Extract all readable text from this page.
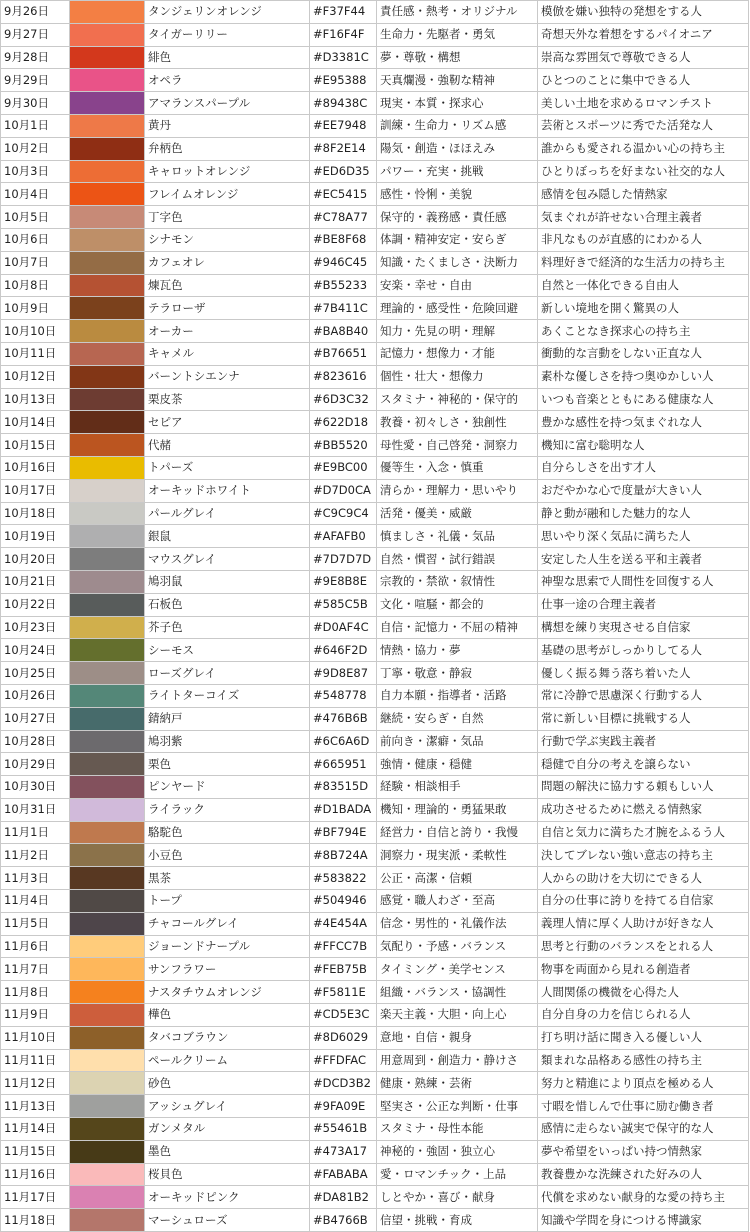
9月26日		タンジェリンオレンジ	#F37F44	責任感・熱考・オリジナル	模倣を嫌い独特の発想をする人
9月27日		タイガーリリー	#F16F4F	生命力・先駆者・勇気	奇想天外な着想をするパイオニア
9月28日		緋色	#D3381C	夢・尊敬・構想	崇高な雰囲気で尊敬できる人
9月29日		オペラ	#E95388	天真爛漫・強靭な精神	ひとつのことに集中できる人
9月30日		アマランスパープル	#89438C	現実・本質・探求心	美しい土地を求めるロマンチスト
10月1日		黄丹	#EE7948	訓練・生命力・リズム感	芸術とスポーツに秀でた活発な人
10月2日		弁柄色	#8F2E14	陽気・創造・ほほえみ	誰からも愛される温かい心の持ち主
10月3日		キャロットオレンジ	#ED6D35	パワー・充実・挑戦	ひとりぼっちを好まない社交的な人
10月4日		フレイムオレンジ	#EC5415	感性・怜悧・美貌	感情を包み隠した情熱家
10月5日		丁字色	#C78A77	保守的・義務感・責任感	気まぐれが許せない合理主義者
10月6日		シナモン	#BE8F68	体調・精神安定・安らぎ	非凡なものが直感的にわかる人
10月7日		カフェオレ	#946C45	知識・たくましさ・決断力	料理好きで経済的な生活力の持ち主
10月8日		煉瓦色	#B55233	安楽・幸せ・自由	自然と一体化できる自由人
10月9日		テラローザ	#7B411C	理論的・感受性・危険回避	新しい境地を開く驚異の人
10月10日		オーカー	#BA8B40	知力・先見の明・理解	あくことなき探求心の持ち主
10月11日		キャメル	#B76651	記憶力・想像力・才能	衝動的な言動をしない正直な人
10月12日		バーントシエンナ	#823616	個性・壮大・想像力	素朴な優しさを持つ奥ゆかしい人
10月13日		栗皮茶	#6D3C32	スタミナ・神秘的・保守的	いつも音楽とともにある健康な人
10月14日		セピア	#622D18	教養・初々しさ・独創性	豊かな感性を持つ気まぐれな人
10月15日		代赭	#BB5520	母性愛・自己啓発・洞察力	機知に富む聡明な人
10月16日		トパーズ	#E9BC00	優等生・入念・慎重	自分らしさを出す才人
10月17日		オーキッドホワイト	#D7D0CA	清らか・理解力・思いやり	おだやかな心で度量が大きい人
10月18日		パールグレイ	#C9C9C4	活発・優美・威厳	静と動が融和した魅力的な人
10月19日		銀鼠	#AFAFB0	慎ましさ・礼儀・気品	思いやり深く気品に満ちた人
10月20日		マウスグレイ	#7D7D7D	自然・慣習・試行錯誤	安定した人生を送る平和主義者
10月21日		鳩羽鼠	#9E8B8E	宗教的・禁欲・叙情性	神聖な思索で人間性を回復する人
10月22日		石板色	#585C5B	文化・喧騒・都会的	仕事一途の合理主義者
10月23日		芥子色	#D0AF4C	自信・記憶力・不屈の精神	構想を練り実現させる自信家
10月24日		シーモス	#646F2D	情熱・協力・夢	基礎の思考がしっかりしてる人
10月25日		ローズグレイ	#9D8E87	丁寧・敬意・静寂	優しく振る舞う落ち着いた人
10月26日		ライトターコイズ	#548778	自力本願・指導者・活路	常に冷静で思慮深く行動する人
10月27日		錆納戸	#476B6B	継続・安らぎ・自然	常に新しい目標に挑戦する人
10月28日		鳩羽紫	#6C6A6D	前向き・潔癖・気品	行動で学ぶ実践主義者
10月29日		栗色	#665951	強情・健康・穏健	穏健で自分の考えを譲らない
10月30日		ピンヤード	#83515D	経験・相談相手	問題の解決に協力する頼もしい人
10月31日		ライラック	#D1BADA	機知・理論的・勇猛果敢	成功させるために燃える情熱家
11月1日		駱駝色	#BF794E	経営力・自信と誇り・我慢	自信と気力に満ちた才腕をふるう人
11月2日		小豆色	#8B724A	洞察力・現実派・柔軟性	決してブレない強い意志の持ち主
11月3日		黒茶	#583822	公正・高潔・信頼	人からの助けを大切にできる人
11月4日		トープ	#504946	感覚・職人わざ・至高	自分の仕事に誇りを持てる自信家
11月5日		チャコールグレイ	#4E454A	信念・男性的・礼儀作法	義理人情に厚く人助けが好きな人
11月6日		ジョーンドナープル	#FFCC7B	気配り・予感・バランス	思考と行動のバランスをとれる人
11月7日		サンフラワー	#FEB75B	タイミング・美学センス	物事を両面から見れる創造者
11月8日		ナスタチウムオレンジ	#F5811E	組織・バランス・協調性	人間関係の機微を心得た人
11月9日		樺色	#CD5E3C	楽天主義・大胆・向上心	自分自身の力を信じられる人
11月10日		タバコブラウン	#8D6029	意地・自信・親身	打ち明け話に聞き入る優しい人
11月11日		ペールクリーム	#FFDFAC	用意周到・創造力・静けさ	類まれな品格ある感性の持ち主
11月12日		砂色	#DCD3B2	健康・熟練・芸術	努力と精進により頂点を極める人
11月13日		アッシュグレイ	#9FA09E	堅実さ・公正な判断・仕事	寸暇を惜しんで仕事に励む働き者
11月14日		ガンメタル	#55461B	スタミナ・母性本能	感情に走らない誠実で保守的な人
11月15日		墨色	#473A17	神秘的・強固・独立心	夢や希望をいっぱい持つ情熱家
11月16日		桜貝色	#FABABA	愛・ロマンチック・上品	教養豊かな洗練された好みの人
11月17日		オーキッドピンク	#DA81B2	しとやか・喜び・献身	代償を求めない献身的な愛の持ち主
11月18日		マーシュローズ	#B4766B	信望・挑戦・育成	知識や学問を身につける博識家
